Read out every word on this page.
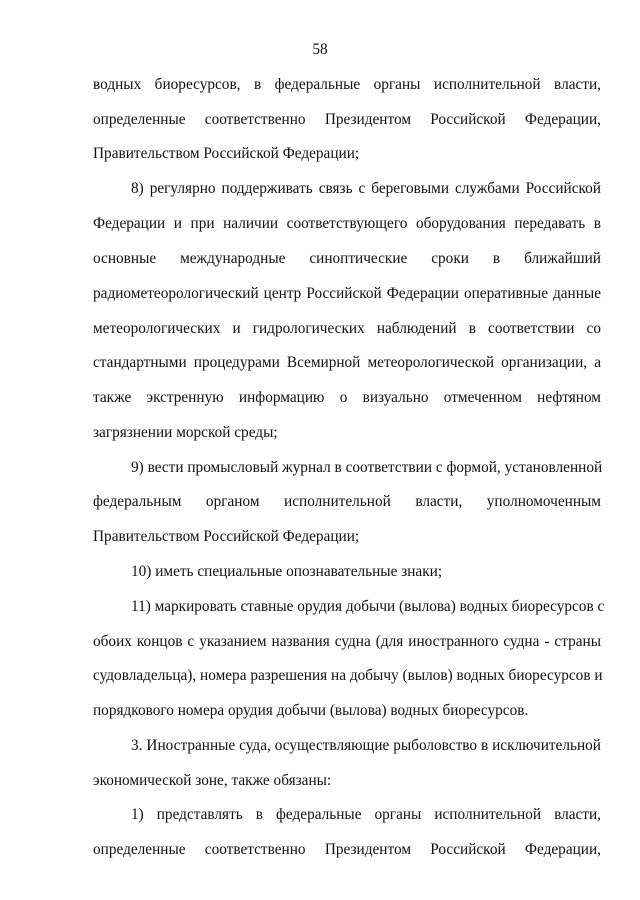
58
водных биоресурсов, в федеральные органы исполнительной власти,
определенные соответственно Президентом Российской Федерации,
Правительством Российской Федерации;
8) регулярно поддерживать связь с береговыми службами Российской
Федерации и при наличии соответствующего оборудования передавать в
основные международные синоптические сроки в ближайший
радиометеорологический центр Российской Федерации оперативные данные
метеорологических и гидрологических наблюдений в соответствии со
стандартными процедурами Всемирной метеорологической организации, а
также экстренную информацию о визуально отмеченном нефтяном
загрязнении морской среды;
9) вести промысловый журнал в соответствии с формой, установленной
федеральным органом исполнительной власти, уполномоченным
Правительством Российской Федерации;
10) иметь специальные опознавательные знаки;
11) маркировать ставные орудия добычи (вылова) водных биоресурсов с
обоих концов с указанием названия судна (для иностранного судна - страны
судовладельца), номера разрешения на добычу (вылов) водных биоресурсов и
порядкового номера орудия добычи (вылова) водных биоресурсов.
3. Иностранные суда, осуществляющие рыболовство в исключительной
экономической зоне, также обязаны:
1) представлять в федеральные органы исполнительной власти,
определенные соответственно Президентом Российской Федерации,
